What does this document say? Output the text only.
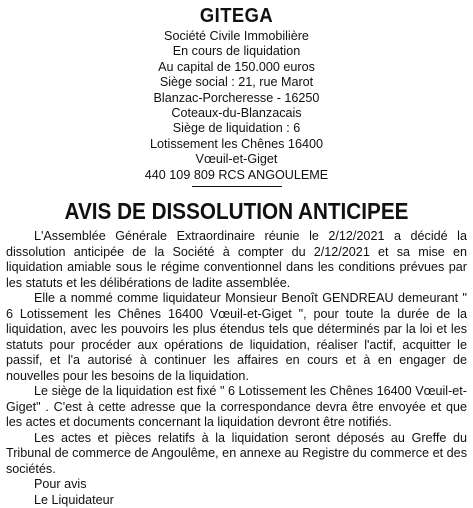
GITEGA
Société Civile Immobilière
En cours de liquidation
Au capital de 150.000 euros
Siège social : 21, rue Marot
Blanzac-Porcheresse - 16250
Coteaux-du-Blanzacais
Siège de liquidation : 6
Lotissement les Chênes 16400
Vœuil-et-Giget
440 109 809 RCS ANGOULEME
AVIS DE DISSOLUTION ANTICIPEE

L'Assemblée Générale Extraordinaire réunie le 2/12/2021 a décidé la dissolution anticipée de la Société à compter du 2/12/2021 et sa mise en liquidation amiable sous le régime conventionnel dans les conditions prévues par les statuts et les délibérations de ladite assemblée.

Elle a nommé comme liquidateur Monsieur Benoît GENDREAU demeurant " 6 Lotissement les Chênes 16400 Vœuil-et-Giget ", pour toute la durée de la liquidation, avec les pouvoirs les plus étendus tels que déterminés par la loi et les statuts pour procéder aux opérations de liquidation, réaliser l'actif, acquitter le passif, et l'a autorisé à continuer les affaires en cours et à en engager de nouvelles pour les besoins de la liquidation.

Le siège de la liquidation est fixé " 6 Lotissement les Chênes 16400 Vœuil-et-Giget" . C'est à cette adresse que la correspondance devra être envoyée et que les actes et documents concernant la liquidation devront être notifiés.

Les actes et pièces relatifs à la liquidation seront déposés au Greffe du Tribunal de commerce de Angoulême, en annexe au Registre du commerce et des sociétés.

Pour avis
Le Liquidateur
